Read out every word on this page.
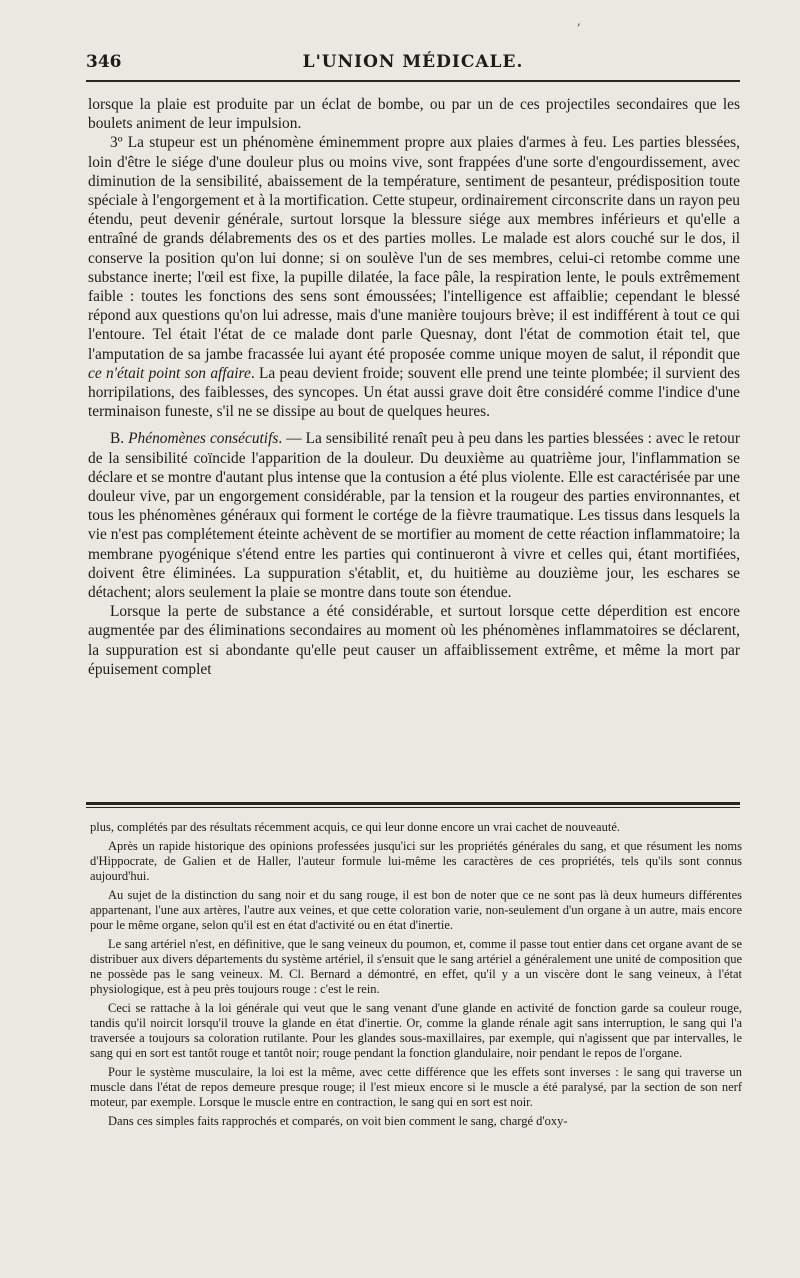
,
346	L'UNION MÉDICALE.

lorsque la plaie est produite par un éclat de bombe, ou par un de ces projectiles secondaires que les boulets animent de leur impulsion.

3º La stupeur est un phénomène éminemment propre aux plaies d'armes à feu. Les parties blessées, loin d'être le siége d'une douleur plus ou moins vive, sont frappées d'une sorte d'engourdissement, avec diminution de la sensibilité, abaissement de la température, sentiment de pesanteur, prédisposition toute spéciale à l'engorgement et à la mortification. Cette stupeur, ordinairement circonscrite dans un rayon peu étendu, peut devenir générale, surtout lorsque la blessure siége aux membres inférieurs et qu'elle a entraîné de grands délabrements des os et des parties molles. Le malade est alors couché sur le dos, il conserve la position qu'on lui donne; si on soulève l'un de ses membres, celui-ci retombe comme une substance inerte; l'œil est fixe, la pupille dilatée, la face pâle, la respiration lente, le pouls extrêmement faible : toutes les fonctions des sens sont émoussées; l'intelligence est affaiblie; cependant le blessé répond aux questions qu'on lui adresse, mais d'une manière toujours brève; il est indifférent à tout ce qui l'entoure. Tel était l'état de ce malade dont parle Quesnay, dont l'état de commotion était tel, que l'amputation de sa jambe fracassée lui ayant été proposée comme unique moyen de salut, il répondit que ce n'était point son affaire. La peau devient froide; souvent elle prend une teinte plombée; il survient des horripilations, des faiblesses, des syncopes. Un état aussi grave doit être considéré comme l'indice d'une terminaison funeste, s'il ne se dissipe au bout de quelques heures.

B. Phénomènes consécutifs. — La sensibilité renaît peu à peu dans les parties blessées : avec le retour de la sensibilité coïncide l'apparition de la douleur. Du deuxième au quatrième jour, l'inflammation se déclare et se montre d'autant plus intense que la contusion a été plus violente. Elle est caractérisée par une douleur vive, par un engorgement considérable, par la tension et la rougeur des parties environnantes, et tous les phénomènes généraux qui forment le cortége de la fièvre traumatique. Les tissus dans lesquels la vie n'est pas complétement éteinte achèvent de se mortifier au moment de cette réaction inflammatoire; la membrane pyogénique s'étend entre les parties qui continueront à vivre et celles qui, étant mortifiées, doivent être éliminées. La suppuration s'établit, et, du huitième au douzième jour, les eschares se détachent; alors seulement la plaie se montre dans toute son étendue.

Lorsque la perte de substance a été considérable, et surtout lorsque cette déperdition est encore augmentée par des éliminations secondaires au moment où les phénomènes inflammatoires se déclarent, la suppuration est si abondante qu'elle peut causer un affaiblissement extrême, et même la mort par épuisement complet

plus, complétés par des résultats récemment acquis, ce qui leur donne encore un vrai cachet de nouveauté.

Après un rapide historique des opinions professées jusqu'ici sur les propriétés générales du sang, et que résument les noms d'Hippocrate, de Galien et de Haller, l'auteur formule lui-même les caractères de ces propriétés, tels qu'ils sont connus aujourd'hui.

Au sujet de la distinction du sang noir et du sang rouge, il est bon de noter que ce ne sont pas là deux humeurs différentes appartenant, l'une aux artères, l'autre aux veines, et que cette coloration varie, non-seulement d'un organe à un autre, mais encore pour le même organe, selon qu'il est en état d'activité ou en état d'inertie.

Le sang artériel n'est, en définitive, que le sang veineux du poumon, et, comme il passe tout entier dans cet organe avant de se distribuer aux divers départements du système artériel, il s'ensuit que le sang artériel a généralement une unité de composition que ne possède pas le sang veineux. M. Cl. Bernard a démontré, en effet, qu'il y a un viscère dont le sang veineux, à l'état physiologique, est à peu près toujours rouge : c'est le rein.

Ceci se rattache à la loi générale qui veut que le sang venant d'une glande en activité de fonction garde sa couleur rouge, tandis qu'il noircit lorsqu'il trouve la glande en état d'inertie. Or, comme la glande rénale agit sans interruption, le sang qui l'a traversée a toujours sa coloration rutilante. Pour les glandes sous-maxillaires, par exemple, qui n'agissent que par intervalles, le sang qui en sort est tantôt rouge et tantôt noir; rouge pendant la fonction glandulaire, noir pendant le repos de l'organe.

Pour le système musculaire, la loi est la même, avec cette différence que les effets sont inverses : le sang qui traverse un muscle dans l'état de repos demeure presque rouge; il l'est mieux encore si le muscle a été paralysé, par la section de son nerf moteur, par exemple. Lorsque le muscle entre en contraction, le sang qui en sort est noir.

Dans ces simples faits rapprochés et comparés, on voit bien comment le sang, chargé d'oxy-
